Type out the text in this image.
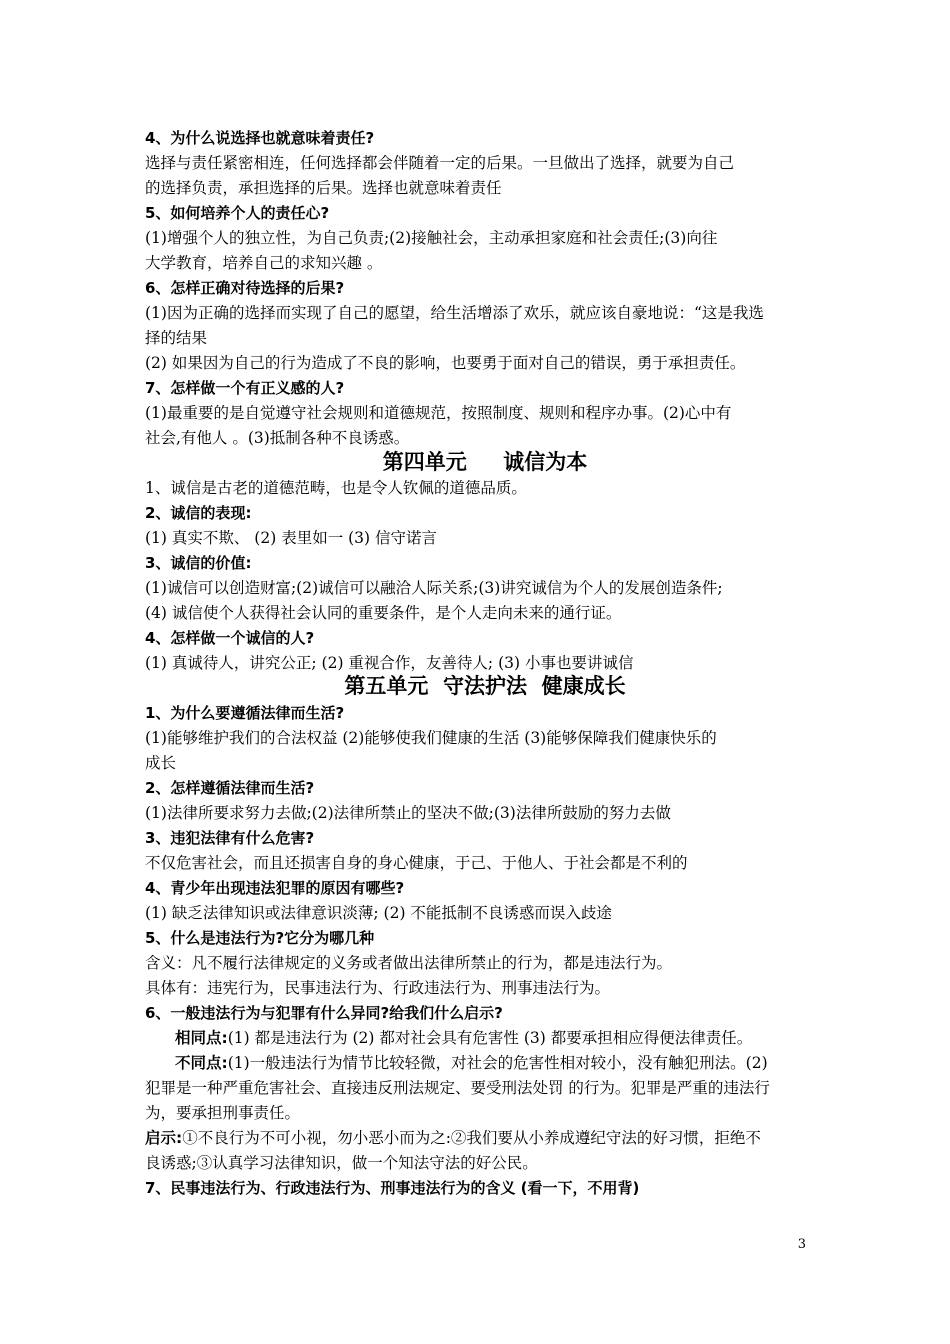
4、为什么说选择也就意味着责任?
选择与责任紧密相连，任何选择都会伴随着一定的后果。一旦做出了选择，就要为自己
的选择负责，承担选择的后果。选择也就意味着责任
5、如何培养个人的责任心?
(1)增强个人的独立性，为自己负责;(2)接触社会，主动承担家庭和社会责任;(3)向往
大学教育，培养自己的求知兴趣 。
6、怎样正确对待选择的后果?
(1)因为正确的选择而实现了自己的愿望，给生活增添了欢乐，就应该自豪地说：“这是我选
择的结果
(2) 如果因为自己的行为造成了不良的影响，也要勇于面对自己的错误，勇于承担责任。
7、怎样做一个有正义感的人?
(1)最重要的是自觉遵守社会规则和道德规范，按照制度、规则和程序办事。(2)心中有
社会,有他人 。(3)抵制各种不良诱惑。
第四单元     诚信为本
1、诚信是古老的道德范畴，也是令人钦佩的道德品质。
2、诚信的表现:
(1) 真实不欺、 (2) 表里如一 (3) 信守诺言
3、诚信的价值:
(1)诚信可以创造财富;(2)诚信可以融洽人际关系;(3)讲究诚信为个人的发展创造条件;
(4) 诚信使个人获得社会认同的重要条件，是个人走向未来的通行证。
4、怎样做一个诚信的人?
(1) 真诚待人，讲究公正; (2) 重视合作，友善待人; (3) 小事也要讲诚信
第五单元  守法护法  健康成长
1、为什么要遵循法律而生活?
(1)能够维护我们的合法权益 (2)能够使我们健康的生活 (3)能够保障我们健康快乐的
成长
2、怎样遵循法律而生活?
(1)法律所要求努力去做;(2)法律所禁止的坚决不做;(3)法律所鼓励的努力去做
3、违犯法律有什么危害?
不仅危害社会，而且还损害自身的身心健康，于己、于他人、于社会都是不利的
4、青少年出现违法犯罪的原因有哪些?
(1) 缺乏法律知识或法律意识淡薄; (2) 不能抵制不良诱惑而误入歧途
5、什么是违法行为?它分为哪几种
含义：凡不履行法律规定的义务或者做出法律所禁止的行为，都是违法行为。
具体有：违宪行为，民事违法行为、行政违法行为、刑事违法行为。
6、一般违法行为与犯罪有什么异同?给我们什么启示?
相同点:(1) 都是违法行为 (2) 都对社会具有危害性 (3) 都要承担相应得便法律责任。
不同点:(1)一般违法行为情节比较轻微，对社会的危害性相对较小，没有触犯刑法。(2)
犯罪是一种严重危害社会、直接违反刑法规定、要受刑法处罚 的行为。犯罪是严重的违法行
为，要承担刑事责任。
启示:①不良行为不可小视，勿小恶小而为之:②我们要从小养成遵纪守法的好习惯，拒绝不
良诱惑;③认真学习法律知识，做一个知法守法的好公民。
7、民事违法行为、行政违法行为、刑事违法行为的含义 (看一下，不用背)
3
